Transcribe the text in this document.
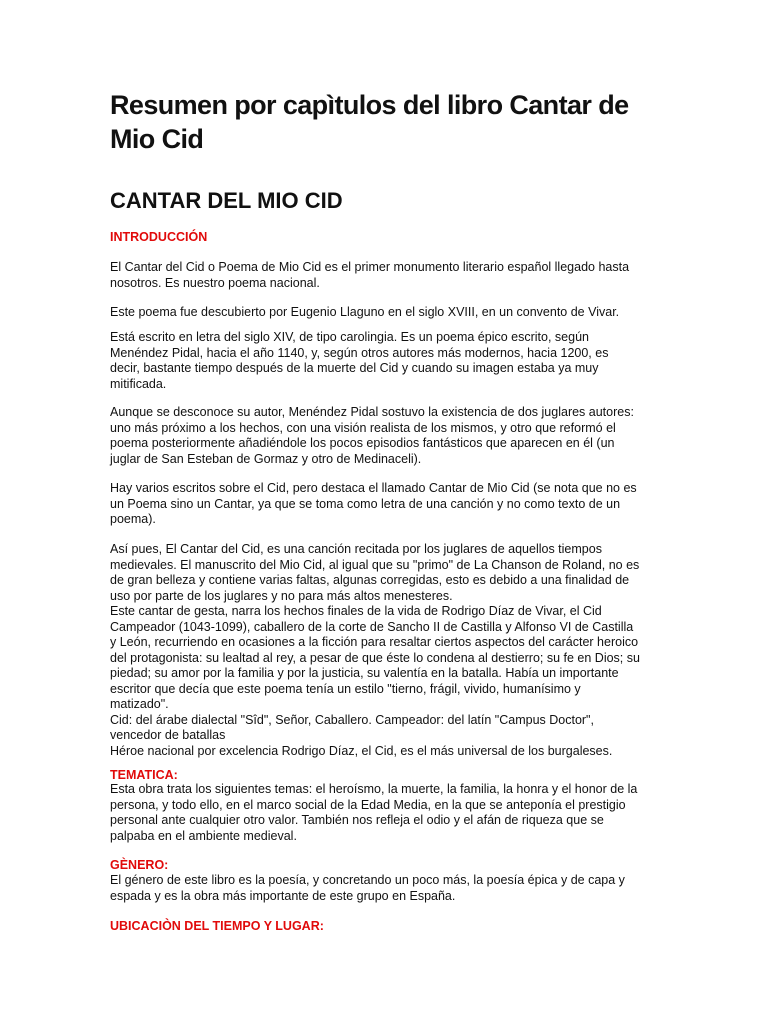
Resumen por capìtulos del libro Cantar de
Mio Cid
CANTAR DEL MIO CID
INTRODUCCIÓN

El Cantar del Cid o Poema de Mio Cid es el primer monumento literario español llegado hasta
nosotros. Es nuestro poema nacional.

Este poema fue descubierto por Eugenio Llaguno en el siglo XVIII, en un convento de Vivar.

Está escrito en letra del siglo XIV, de tipo carolingia. Es un poema épico escrito, según
Menéndez Pidal, hacia el año 1140, y, según otros autores más modernos, hacia 1200, es
decir, bastante tiempo después de la muerte del Cid y cuando su imagen estaba ya muy
mitificada.

Aunque se desconoce su autor, Menéndez Pidal sostuvo la existencia de dos juglares autores:
uno más próximo a los hechos, con una visión realista de los mismos, y otro que reformó el
poema posteriormente añadiéndole los pocos episodios fantásticos que aparecen en él (un
juglar de San Esteban de Gormaz y otro de Medinaceli).

Hay varios escritos sobre el Cid, pero destaca el llamado Cantar de Mio Cid (se nota que no es
un Poema sino un Cantar, ya que se toma como letra de una canción y no como texto de un
poema).

Así pues, El Cantar del Cid, es una canción recitada por los juglares de aquellos tiempos
medievales. El manuscrito del Mio Cid, al igual que su "primo" de La Chanson de Roland, no es
de gran belleza y contiene varias faltas, algunas corregidas, esto es debido a una finalidad de
uso por parte de los juglares y no para más altos menesteres.
Este cantar de gesta, narra los hechos finales de la vida de Rodrigo Díaz de Vivar, el Cid
Campeador (1043-1099), caballero de la corte de Sancho II de Castilla y Alfonso VI de Castilla
y León, recurriendo en ocasiones a la ficción para resaltar ciertos aspectos del carácter heroico
del protagonista: su lealtad al rey, a pesar de que éste lo condena al destierro; su fe en Dios; su
piedad; su amor por la familia y por la justicia, su valentía en la batalla. Había un importante
escritor que decía que este poema tenía un estilo "tierno, frágil, vivido, humanísimo y
matizado".
Cid: del árabe dialectal "Sîd", Señor, Caballero. Campeador: del latín "Campus Doctor",
vencedor de batallas
Héroe nacional por excelencia Rodrigo Díaz, el Cid, es el más universal de los burgaleses.

TEMATICA:

Esta obra trata los siguientes temas: el heroísmo, la muerte, la familia, la honra y el honor de la
persona, y todo ello, en el marco social de la Edad Media, en la que se anteponía el prestigio
personal ante cualquier otro valor. También nos refleja el odio y el afán de riqueza que se
palpaba en el ambiente medieval.

GÈNERO:

El género de este libro es la poesía, y concretando un poco más, la poesía épica y de capa y
espada y es la obra más importante de este grupo en España.

UBICACIÒN DEL TIEMPO Y LUGAR:
